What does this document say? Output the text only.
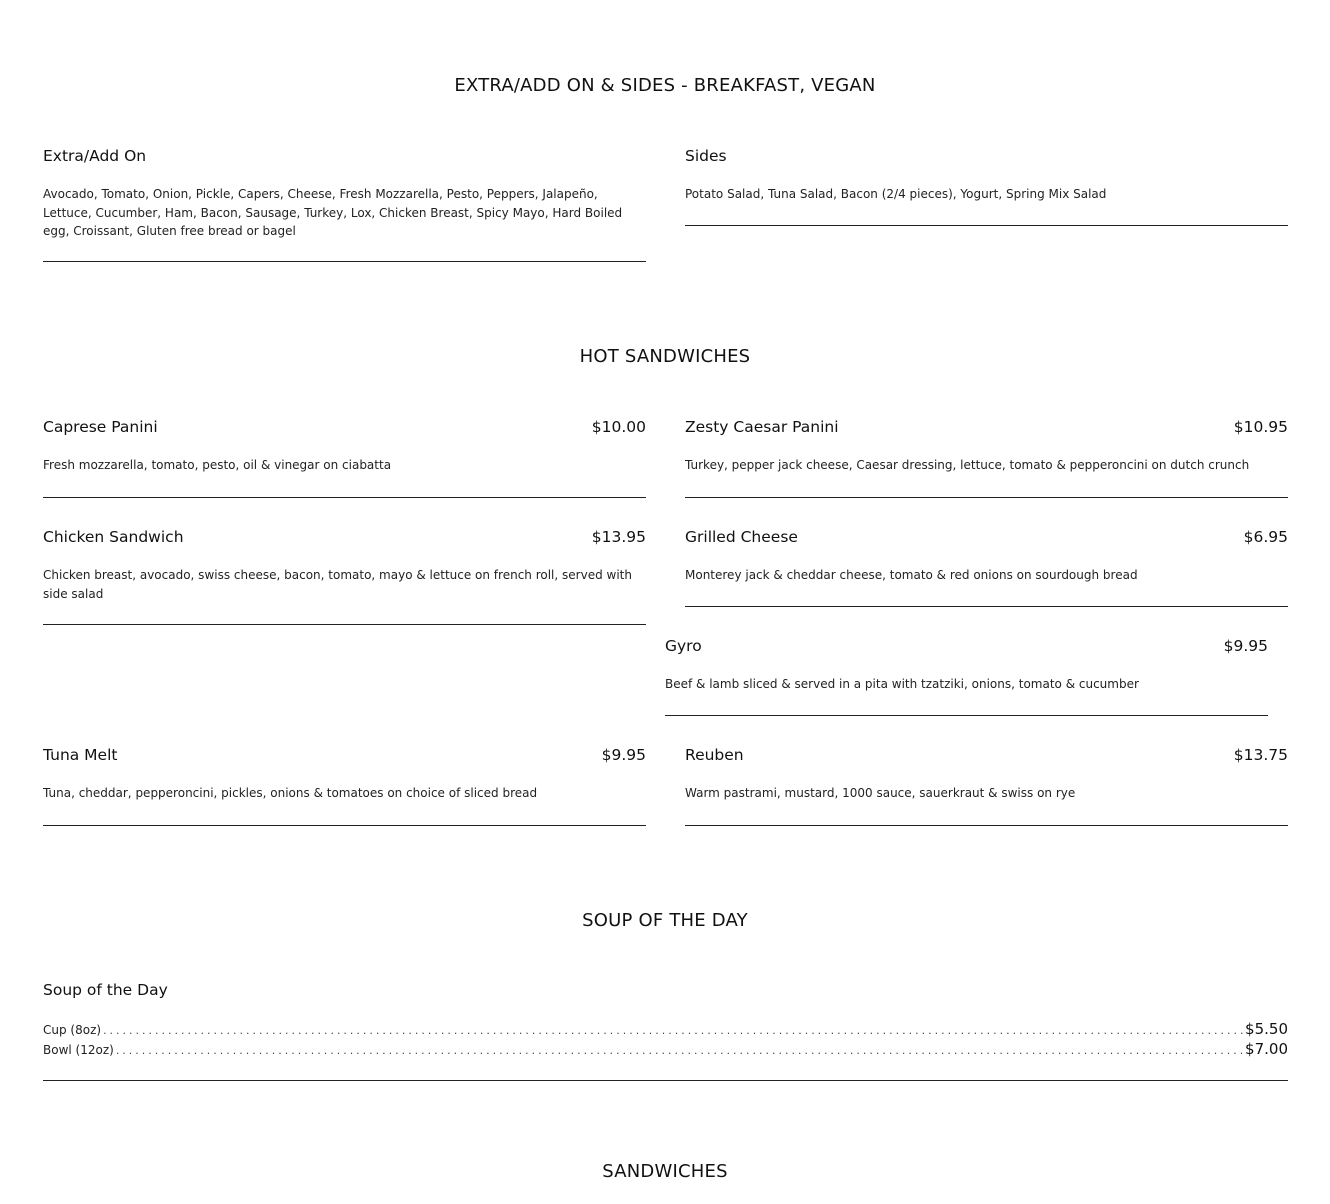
EXTRA/ADD ON & SIDES - BREAKFAST, VEGAN
Extra/Add On
Avocado, Tomato, Onion, Pickle, Capers, Cheese, Fresh Mozzarella, Pesto, Peppers, Jalapeño, Lettuce, Cucumber, Ham, Bacon, Sausage, Turkey, Lox, Chicken Breast, Spicy Mayo, Hard Boiled egg, Croissant, Gluten free bread or bagel
Sides
Potato Salad, Tuna Salad, Bacon (2/4 pieces), Yogurt, Spring Mix Salad
HOT SANDWICHES
Caprese Panini	$10.00
Fresh mozzarella, tomato, pesto, oil & vinegar on ciabatta
Zesty Caesar Panini	$10.95
Turkey, pepper jack cheese, Caesar dressing, lettuce, tomato & pepperoncini on dutch crunch
Chicken Sandwich	$13.95
Chicken breast, avocado, swiss cheese, bacon, tomato, mayo & lettuce on french roll, served with side salad
Grilled Cheese	$6.95
Monterey jack & cheddar cheese, tomato & red onions on sourdough bread
Gyro	$9.95
Beef & lamb sliced & served in a pita with tzatziki, onions, tomato & cucumber
Tuna Melt	$9.95
Tuna, cheddar, pepperoncini, pickles, onions & tomatoes on choice of sliced bread
Reuben	$13.75
Warm pastrami, mustard, 1000 sauce, sauerkraut & swiss on rye
SOUP OF THE DAY
Soup of the Day
Cup (8oz) .....	$5.50
Bowl (12oz) .....	$7.00
SANDWICHES
